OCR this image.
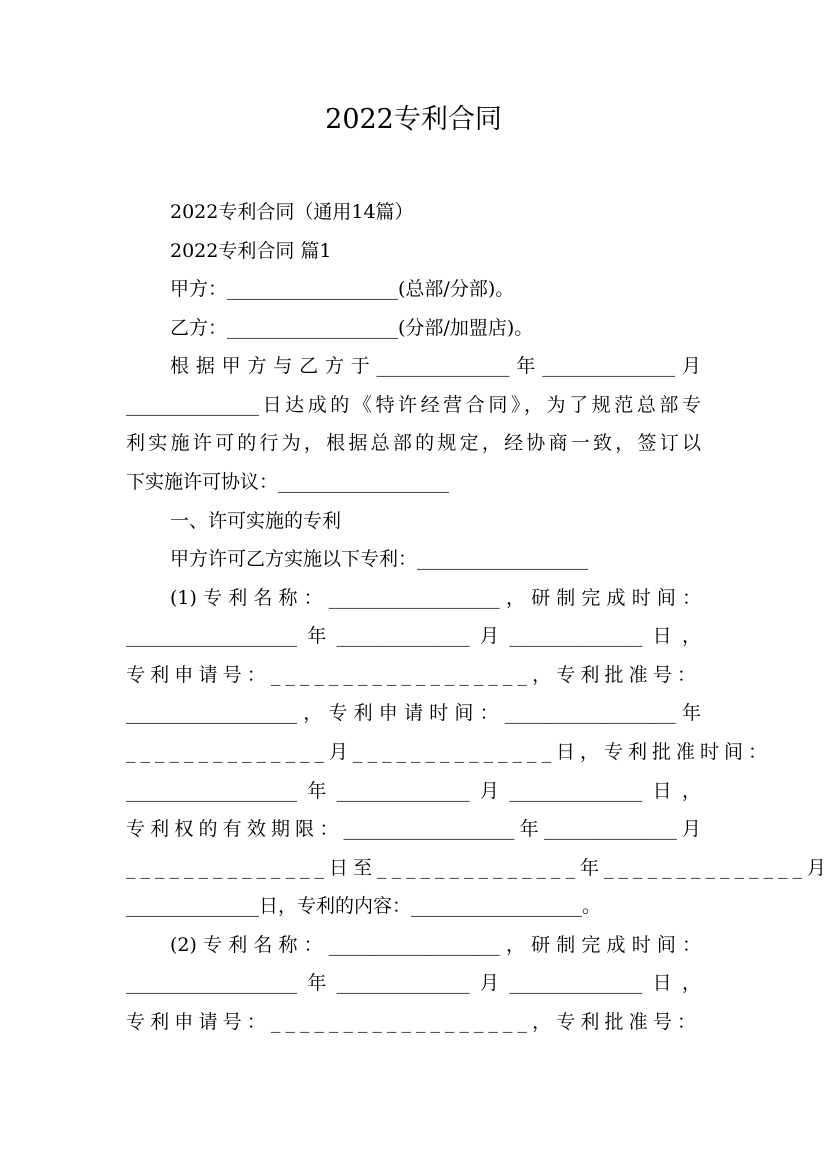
2022专利合同
2022专利合同（通用14篇）
2022专利合同 篇1
甲方：__________________(总部/分部)。
乙方：__________________(分部/加盟店)。
根据甲方与乙方于______________年______________月
______________日达成的《特许经营合同》，为了规范总部专
利实施许可的行为，根据总部的规定，经协商一致，签订以
下实施许可协议：__________________
一、许可实施的专利
甲方许可乙方实施以下专利：__________________
(1)专利名称：__________________，研制完成时间：
__________________年______________月______________日，
专利申请号：__________________，专利批准号：
__________________，专利申请时间：__________________年
______________月______________日，专利批准时间：
__________________年______________月______________日，
专利权的有效期限：__________________年______________月
______________日至______________年______________月
______________日，专利的内容：__________________。
(2)专利名称：__________________，研制完成时间：
__________________年______________月______________日，
专利申请号：__________________，专利批准号：
